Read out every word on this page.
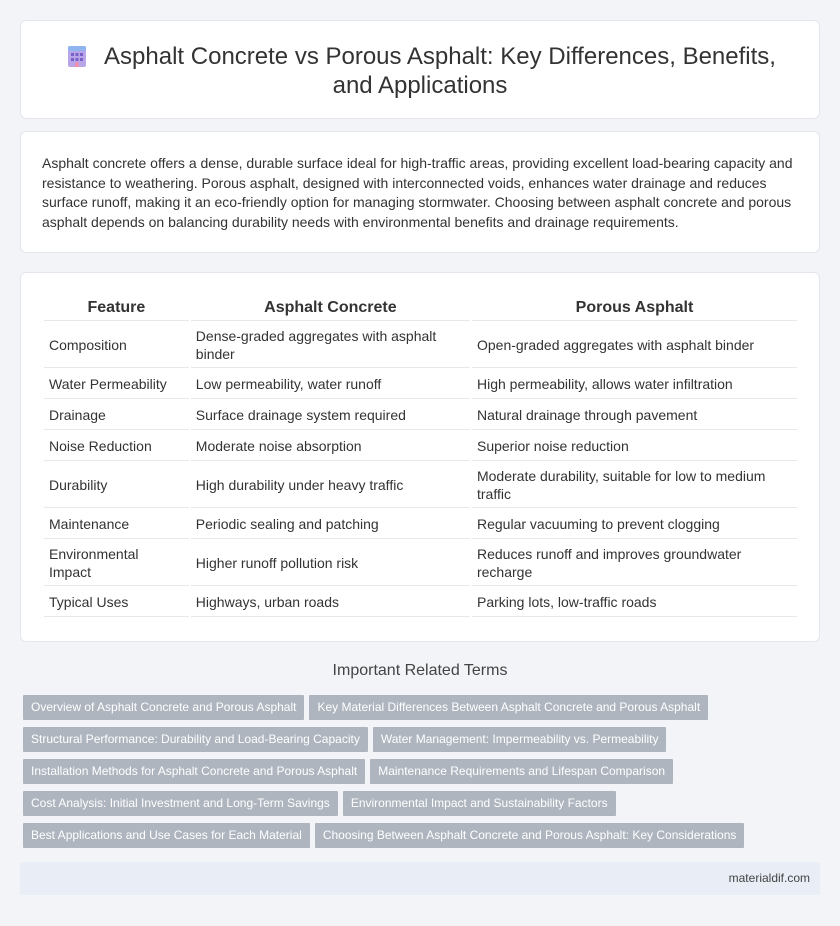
Asphalt Concrete vs Porous Asphalt: Key Differences, Benefits, and Applications

Asphalt concrete offers a dense, durable surface ideal for high-traffic areas, providing excellent load-bearing capacity and resistance to weathering. Porous asphalt, designed with interconnected voids, enhances water drainage and reduces surface runoff, making it an eco-friendly option for managing stormwater. Choosing between asphalt concrete and porous asphalt depends on balancing durability needs with environmental benefits and drainage requirements.

Feature	Asphalt Concrete	Porous Asphalt
Composition	Dense-graded aggregates with asphalt binder	Open-graded aggregates with asphalt binder
Water Permeability	Low permeability, water runoff	High permeability, allows water infiltration
Drainage	Surface drainage system required	Natural drainage through pavement
Noise Reduction	Moderate noise absorption	Superior noise reduction
Durability	High durability under heavy traffic	Moderate durability, suitable for low to medium traffic
Maintenance	Periodic sealing and patching	Regular vacuuming to prevent clogging
Environmental Impact	Higher runoff pollution risk	Reduces runoff and improves groundwater recharge
Typical Uses	Highways, urban roads	Parking lots, low-traffic roads
Important Related Terms
Overview of Asphalt Concrete and Porous Asphalt Key Material Differences Between Asphalt Concrete and Porous Asphalt
Structural Performance: Durability and Load-Bearing Capacity Water Management: Impermeability vs. Permeability
Installation Methods for Asphalt Concrete and Porous Asphalt Maintenance Requirements and Lifespan Comparison
Cost Analysis: Initial Investment and Long-Term Savings Environmental Impact and Sustainability Factors
Best Applications and Use Cases for Each Material Choosing Between Asphalt Concrete and Porous Asphalt: Key Considerations
materialdif.com
